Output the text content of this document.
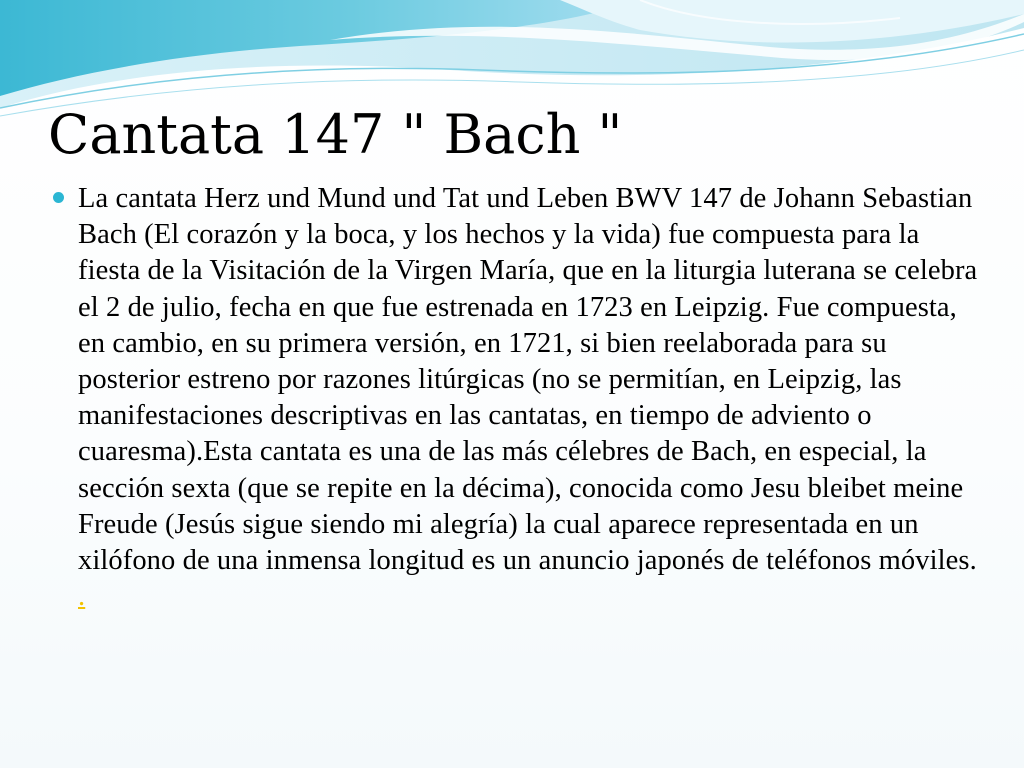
Cantata 147 " Bach "

La cantata Herz und Mund und Tat und Leben BWV 147 de Johann Sebastian Bach (El corazón y la boca, y los hechos y la vida) fue compuesta para la fiesta de la Visitación de la Virgen María, que en la liturgia luterana se celebra el 2 de julio, fecha en que fue estrenada en 1723 en Leipzig. Fue compuesta, en cambio, en su primera versión, en 1721, si bien reelaborada para su posterior estreno por razones litúrgicas (no se permitían, en Leipzig, las manifestaciones descriptivas en las cantatas, en tiempo de adviento o cuaresma).Esta cantata es una de las más célebres de Bach, en especial, la sección sexta (que se repite en la décima), conocida como Jesu bleibet meine Freude (Jesús sigue siendo mi alegría) la cual aparece representada en un xilófono de una inmensa longitud es un anuncio japonés de teléfonos móviles. .
